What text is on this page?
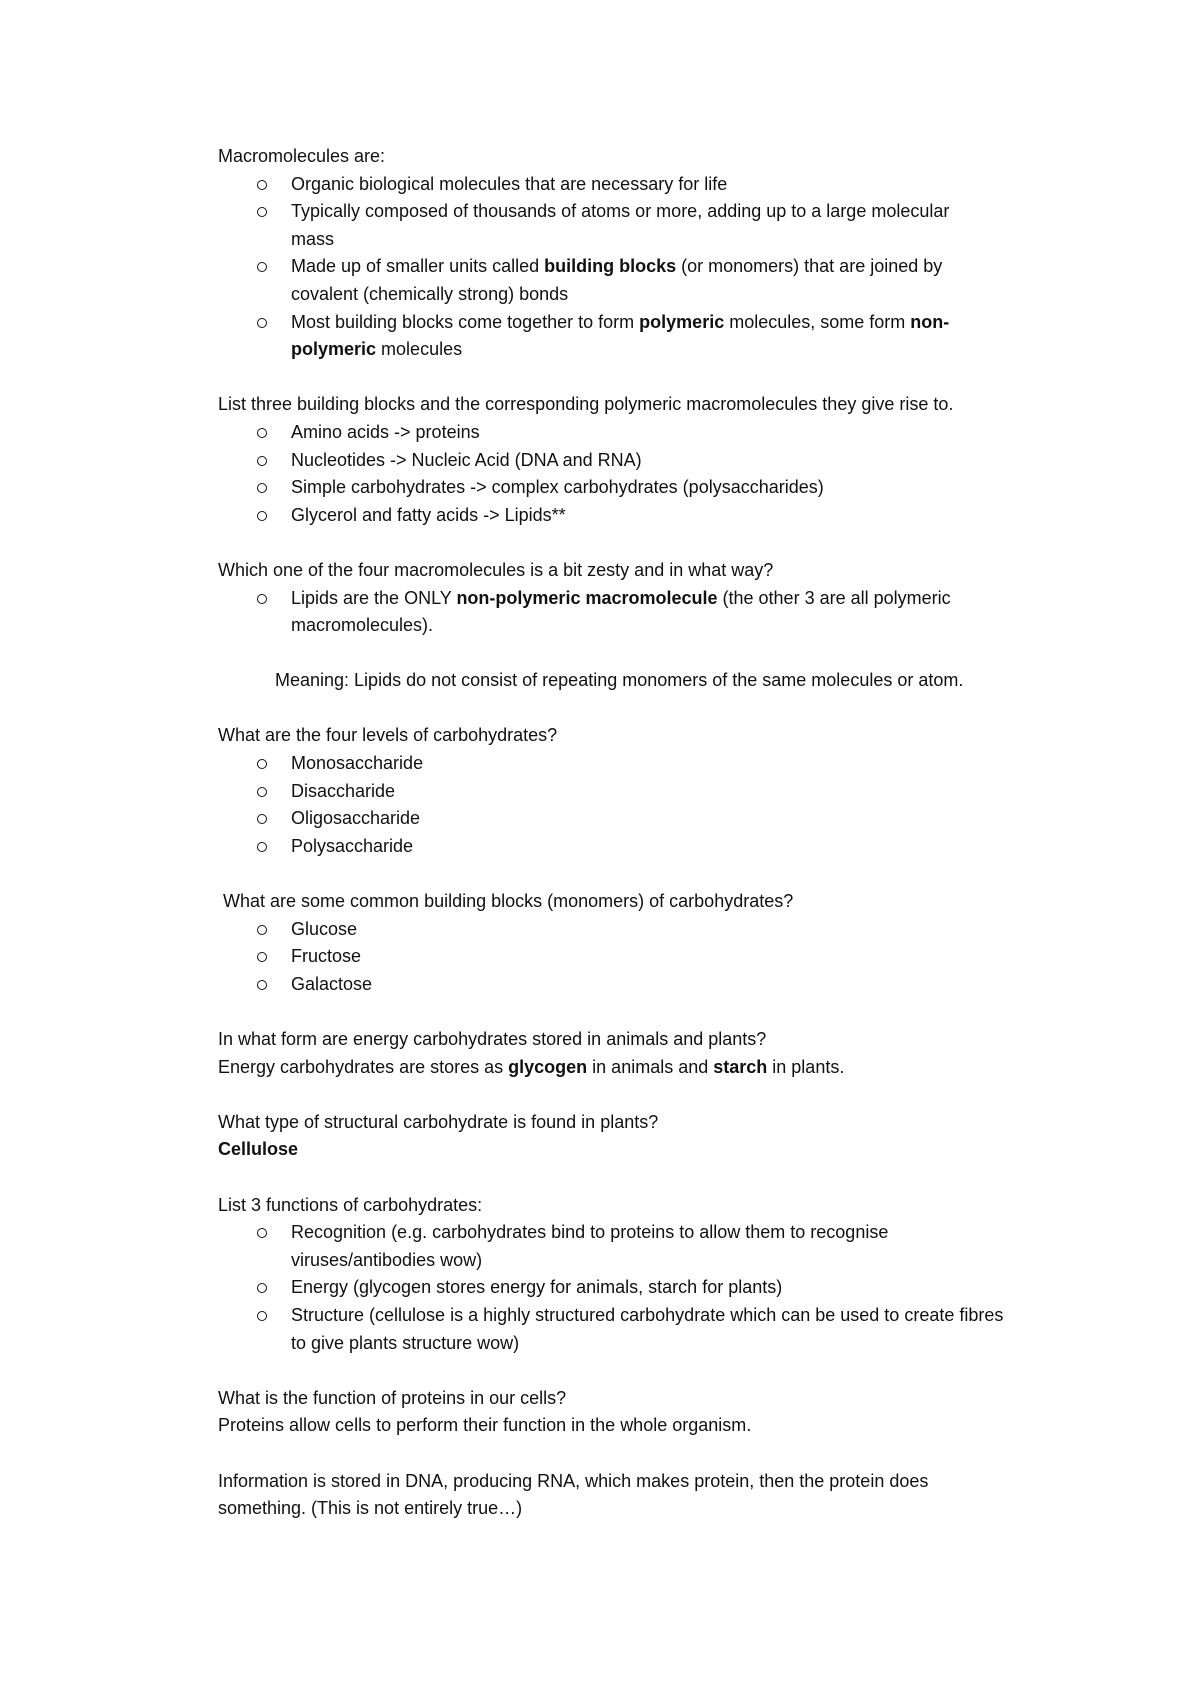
Macromolecules are:

Organic biological molecules that are necessary for life
Typically composed of thousands of atoms or more, adding up to a large molecular mass
Made up of smaller units called building blocks (or monomers) that are joined by covalent (chemically strong) bonds
Most building blocks come together to form polymeric molecules, some form non-polymeric molecules

List three building blocks and the corresponding polymeric macromolecules they give rise to.

Amino acids -> proteins
Nucleotides -> Nucleic Acid (DNA and RNA)
Simple carbohydrates -> complex carbohydrates (polysaccharides)
Glycerol and fatty acids -> Lipids**

Which one of the four macromolecules is a bit zesty and in what way?

Lipids are the ONLY non-polymeric macromolecule (the other 3 are all polymeric macromolecules).

Meaning: Lipids do not consist of repeating monomers of the same molecules or atom.

What are the four levels of carbohydrates?

Monosaccharide
Disaccharide
Oligosaccharide
Polysaccharide

What are some common building blocks (monomers) of carbohydrates?

Glucose
Fructose
Galactose

In what form are energy carbohydrates stored in animals and plants?

Energy carbohydrates are stores as glycogen in animals and starch in plants.

What type of structural carbohydrate is found in plants?

Cellulose

List 3 functions of carbohydrates:

Recognition (e.g. carbohydrates bind to proteins to allow them to recognise viruses/antibodies wow)
Energy (glycogen stores energy for animals, starch for plants)
Structure (cellulose is a highly structured carbohydrate which can be used to create fibres to give plants structure wow)

What is the function of proteins in our cells?

Proteins allow cells to perform their function in the whole organism.

Information is stored in DNA, producing RNA, which makes protein, then the protein does something. (This is not entirely true…)
